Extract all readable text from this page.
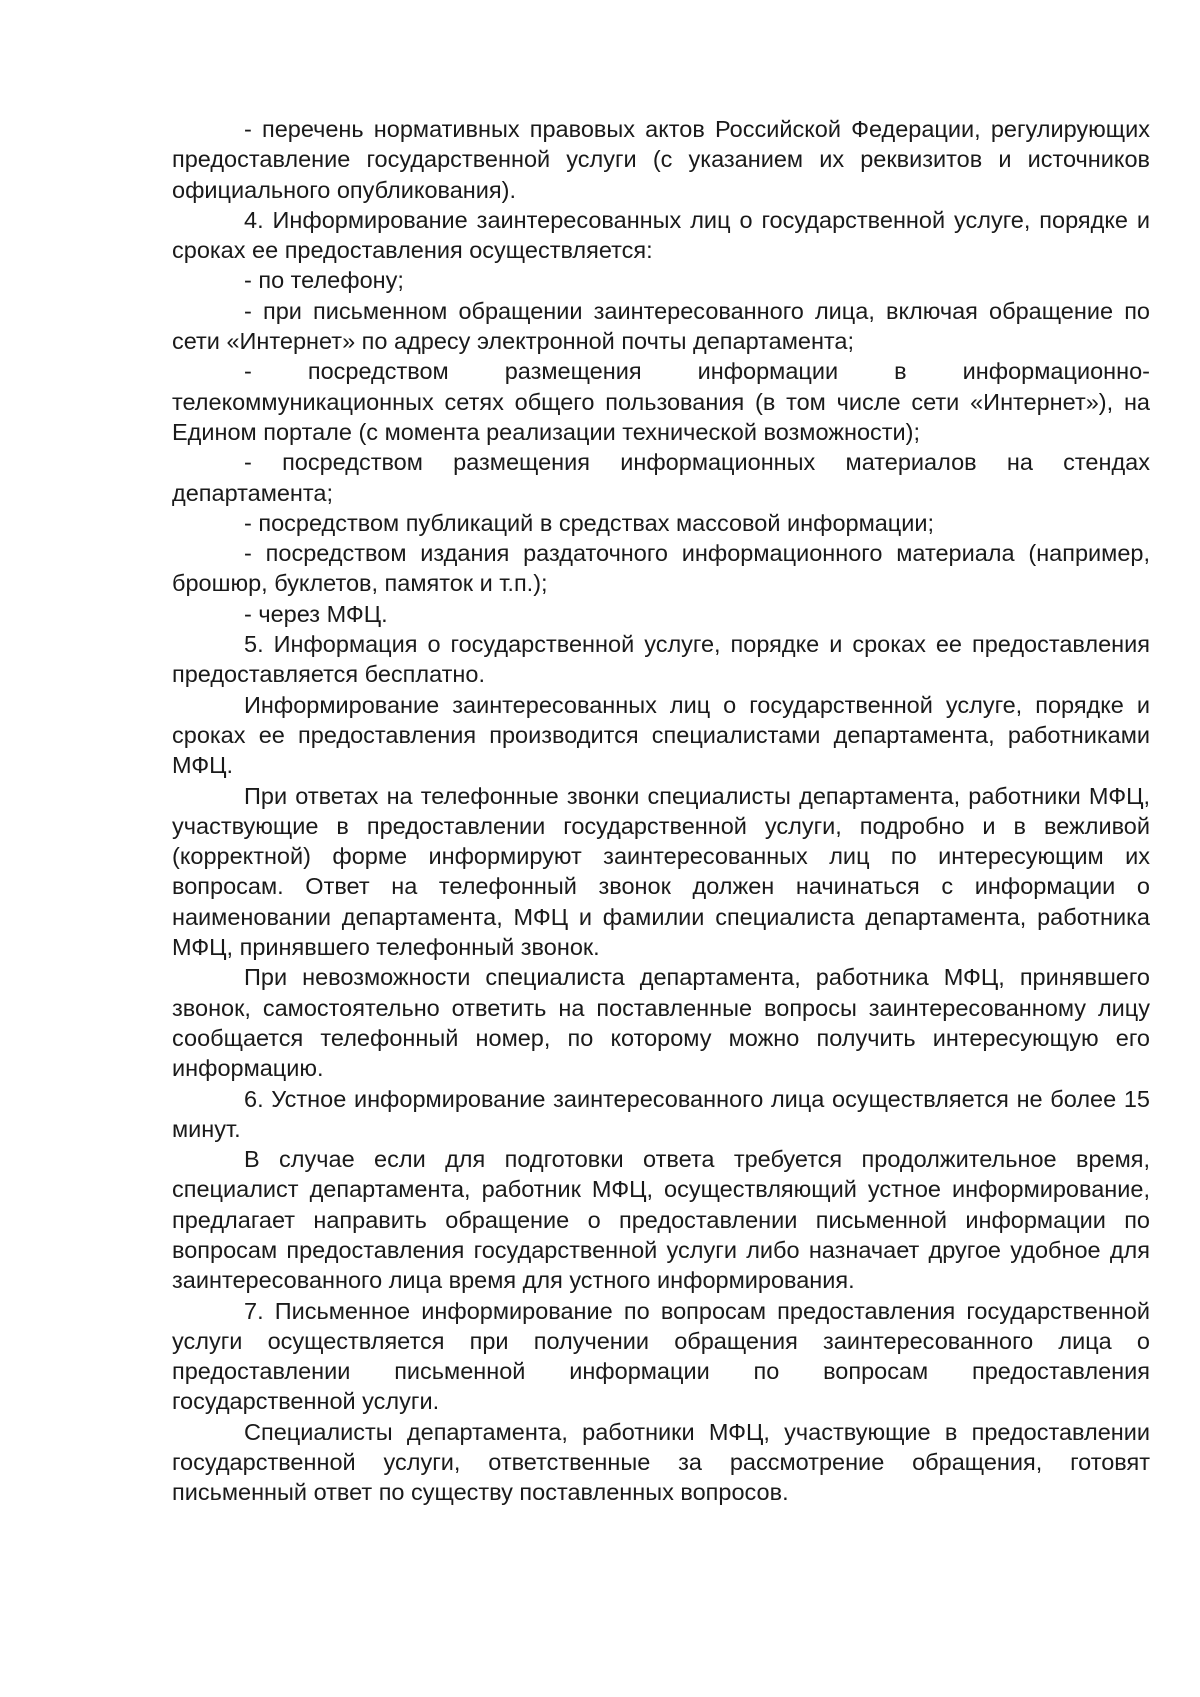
- перечень нормативных правовых актов Российской Федерации, регулирующих предоставление государственной услуги (с указанием их реквизитов и источников официального опубликования).

4. Информирование заинтересованных лиц о государственной услуге, порядке и сроках ее предоставления осуществляется:

- по телефону;

- при письменном обращении заинтересованного лица, включая обращение по сети «Интернет» по адресу электронной почты департамента;

- посредством размещения информации в информационно-телекоммуникационных сетях общего пользования (в том числе сети «Интернет»), на Едином портале (с момента реализации технической возможности);

- посредством размещения информационных материалов на стендах департамента;

- посредством публикаций в средствах массовой информации;

- посредством издания раздаточного информационного материала (например, брошюр, буклетов, памяток и т.п.);

- через МФЦ.

5. Информация о государственной услуге, порядке и сроках ее предоставления предоставляется бесплатно.

Информирование заинтересованных лиц о государственной услуге, порядке и сроках ее предоставления производится специалистами департамента, работниками МФЦ.

При ответах на телефонные звонки специалисты департамента, работники МФЦ, участвующие в предоставлении государственной услуги, подробно и в вежливой (корректной) форме информируют заинтересованных лиц по интересующим их вопросам. Ответ на телефонный звонок должен начинаться с информации о наименовании департамента, МФЦ и фамилии специалиста департамента, работника МФЦ, принявшего телефонный звонок.

При невозможности специалиста департамента, работника МФЦ, принявшего звонок, самостоятельно ответить на поставленные вопросы заинтересованному лицу сообщается телефонный номер, по которому можно получить интересующую его информацию.

6. Устное информирование заинтересованного лица осуществляется не более 15 минут.

В случае если для подготовки ответа требуется продолжительное время, специалист департамента, работник МФЦ, осуществляющий устное информирование, предлагает направить обращение о предоставлении письменной информации по вопросам предоставления государственной услуги либо назначает другое удобное для заинтересованного лица время для устного информирования.

7. Письменное информирование по вопросам предоставления государственной услуги осуществляется при получении обращения заинтересованного лица о предоставлении письменной информации по вопросам предоставления государственной услуги.

Специалисты департамента, работники МФЦ, участвующие в предоставлении государственной услуги, ответственные за рассмотрение обращения, готовят письменный ответ по существу поставленных вопросов.
